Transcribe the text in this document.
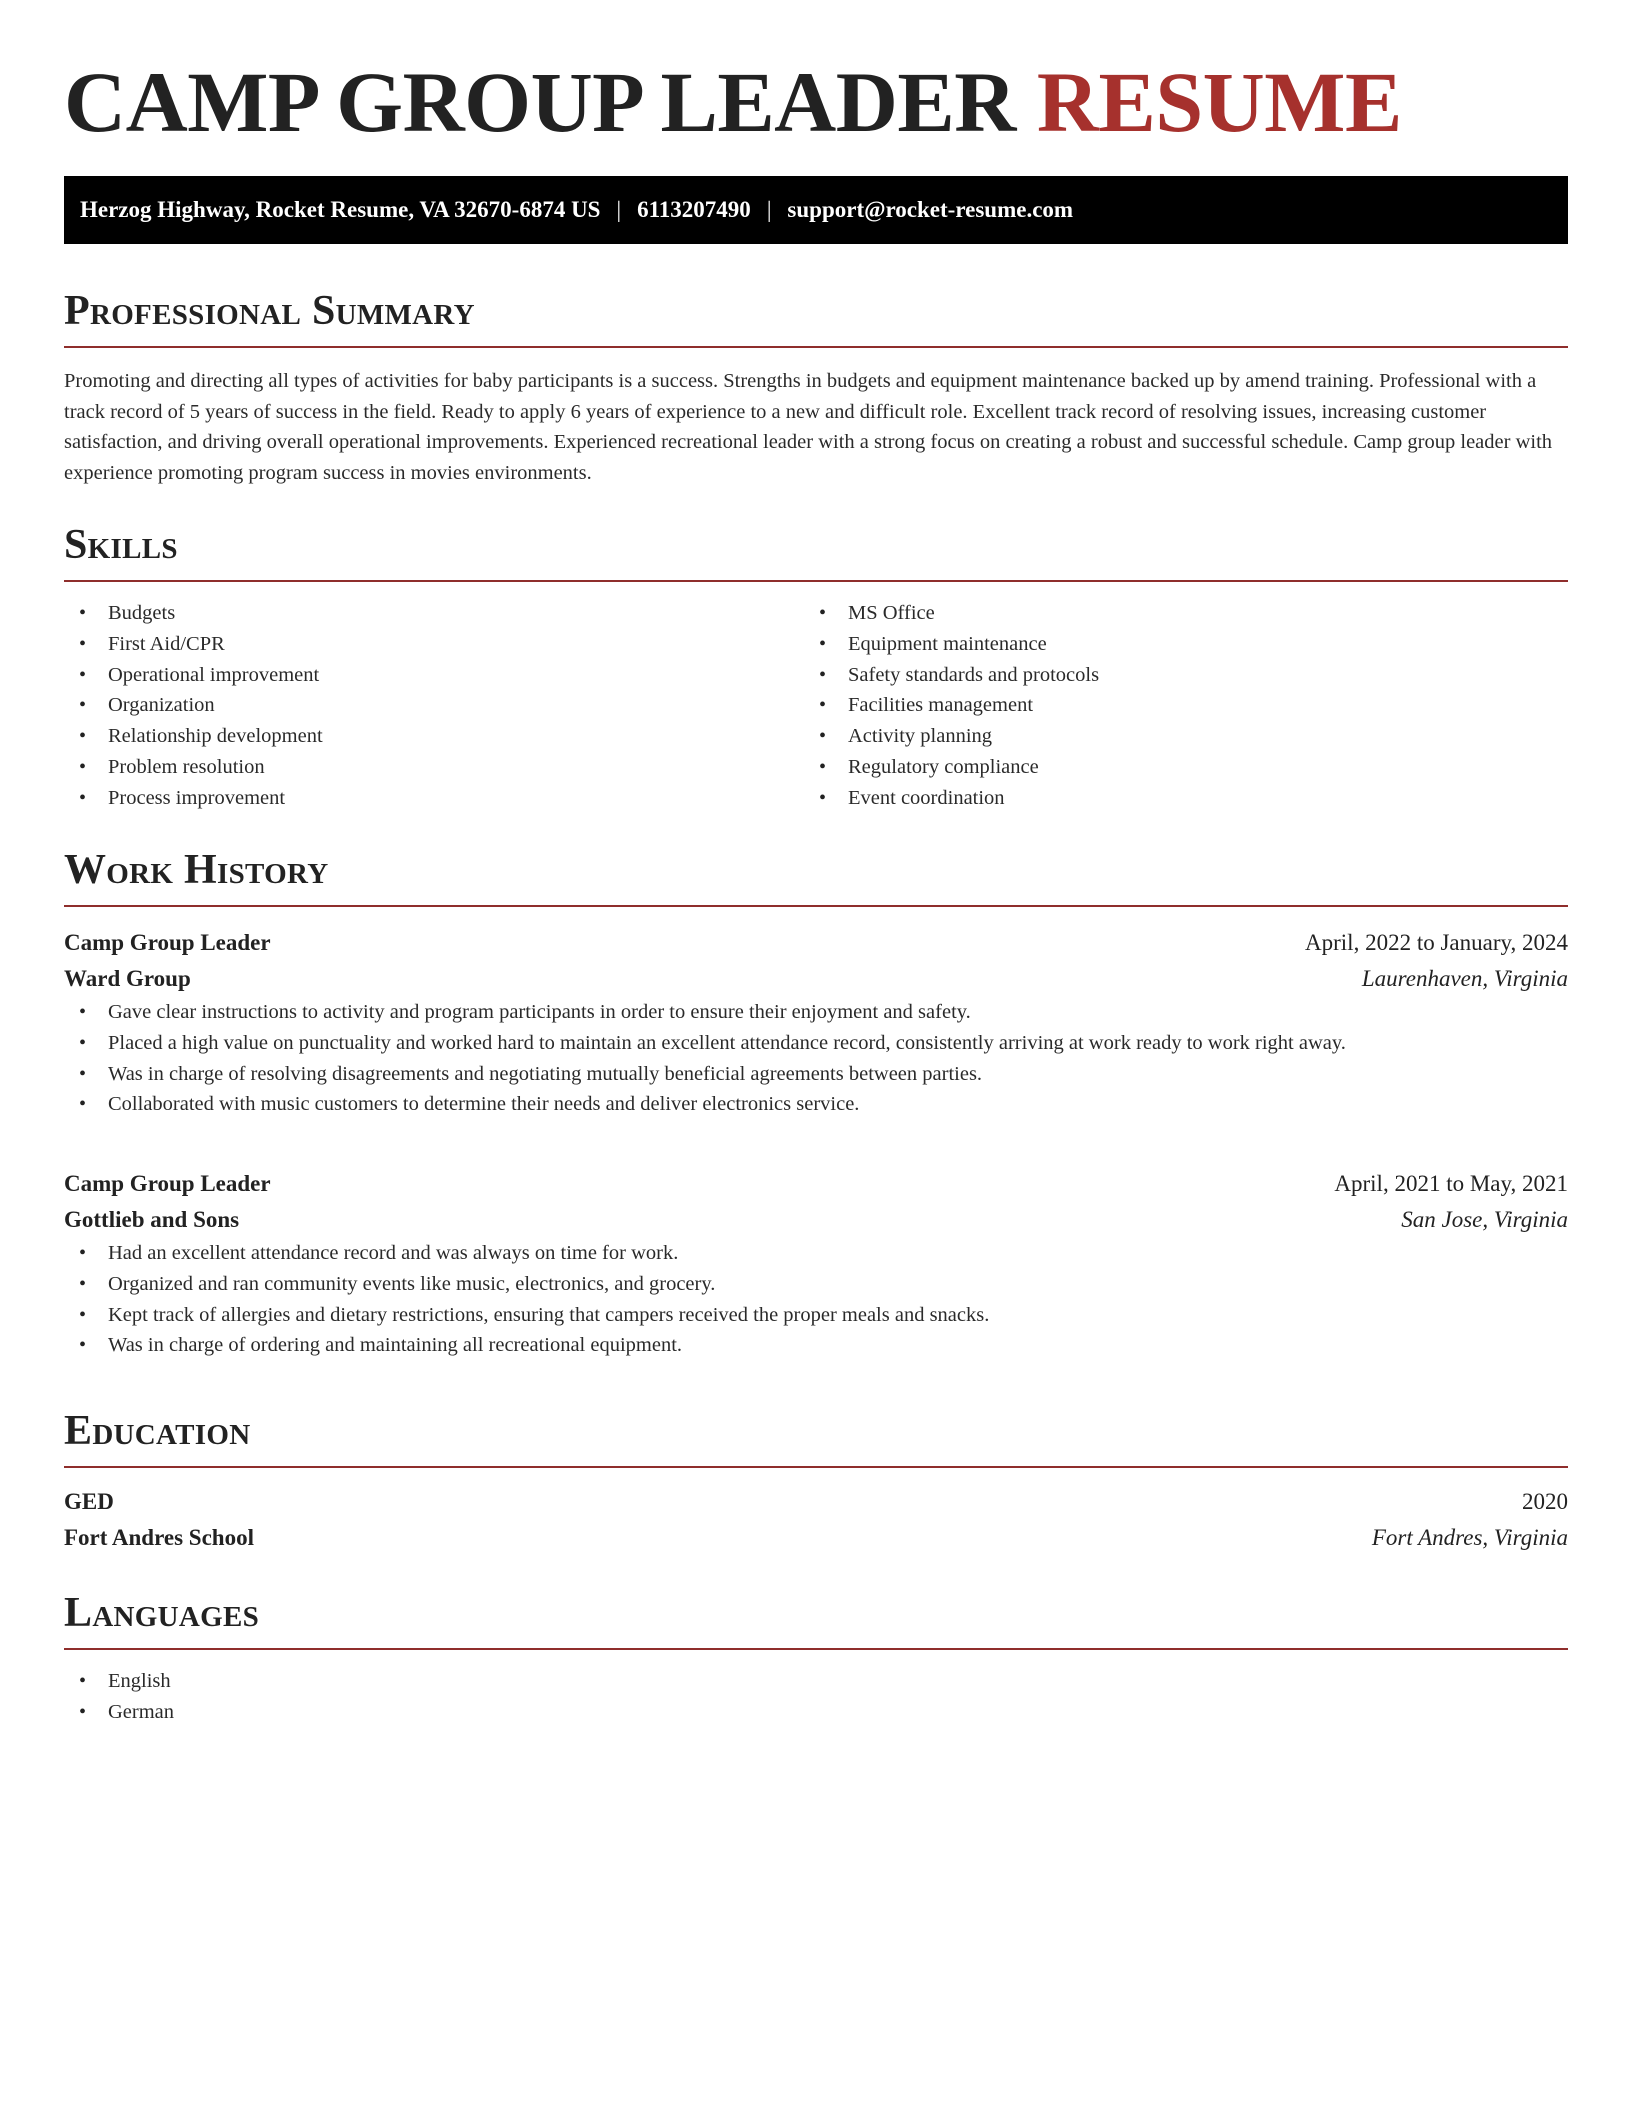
CAMP GROUP LEADER RESUME
Herzog Highway, Rocket Resume, VA 32670-6874 US | 6113207490 | support@rocket-resume.com
Professional Summary

Promoting and directing all types of activities for baby participants is a success. Strengths in budgets and equipment maintenance backed up by amend training. Professional with a track record of 5 years of success in the field. Ready to apply 6 years of experience to a new and difficult role. Excellent track record of resolving issues, increasing customer satisfaction, and driving overall operational improvements. Experienced recreational leader with a strong focus on creating a robust and successful schedule. Camp group leader with experience promoting program success in movies environments.

Skills
• Budgets
• First Aid/CPR
• Operational improvement
• Organization
• Relationship development
• Problem resolution
• Process improvement
• MS Office
• Equipment maintenance
• Safety standards and protocols
• Facilities management
• Activity planning
• Regulatory compliance
• Event coordination
Work History
Camp Group Leader	April, 2022 to January, 2024
Ward Group	Laurenhaven, Virginia
• Gave clear instructions to activity and program participants in order to ensure their enjoyment and safety.
• Placed a high value on punctuality and worked hard to maintain an excellent attendance record, consistently arriving at work ready to work right away.
• Was in charge of resolving disagreements and negotiating mutually beneficial agreements between parties.
• Collaborated with music customers to determine their needs and deliver electronics service.
Camp Group Leader	April, 2021 to May, 2021
Gottlieb and Sons	San Jose, Virginia
• Had an excellent attendance record and was always on time for work.
• Organized and ran community events like music, electronics, and grocery.
• Kept track of allergies and dietary restrictions, ensuring that campers received the proper meals and snacks.
• Was in charge of ordering and maintaining all recreational equipment.
Education
GED	2020
Fort Andres School	Fort Andres, Virginia
Languages
• English
• German
